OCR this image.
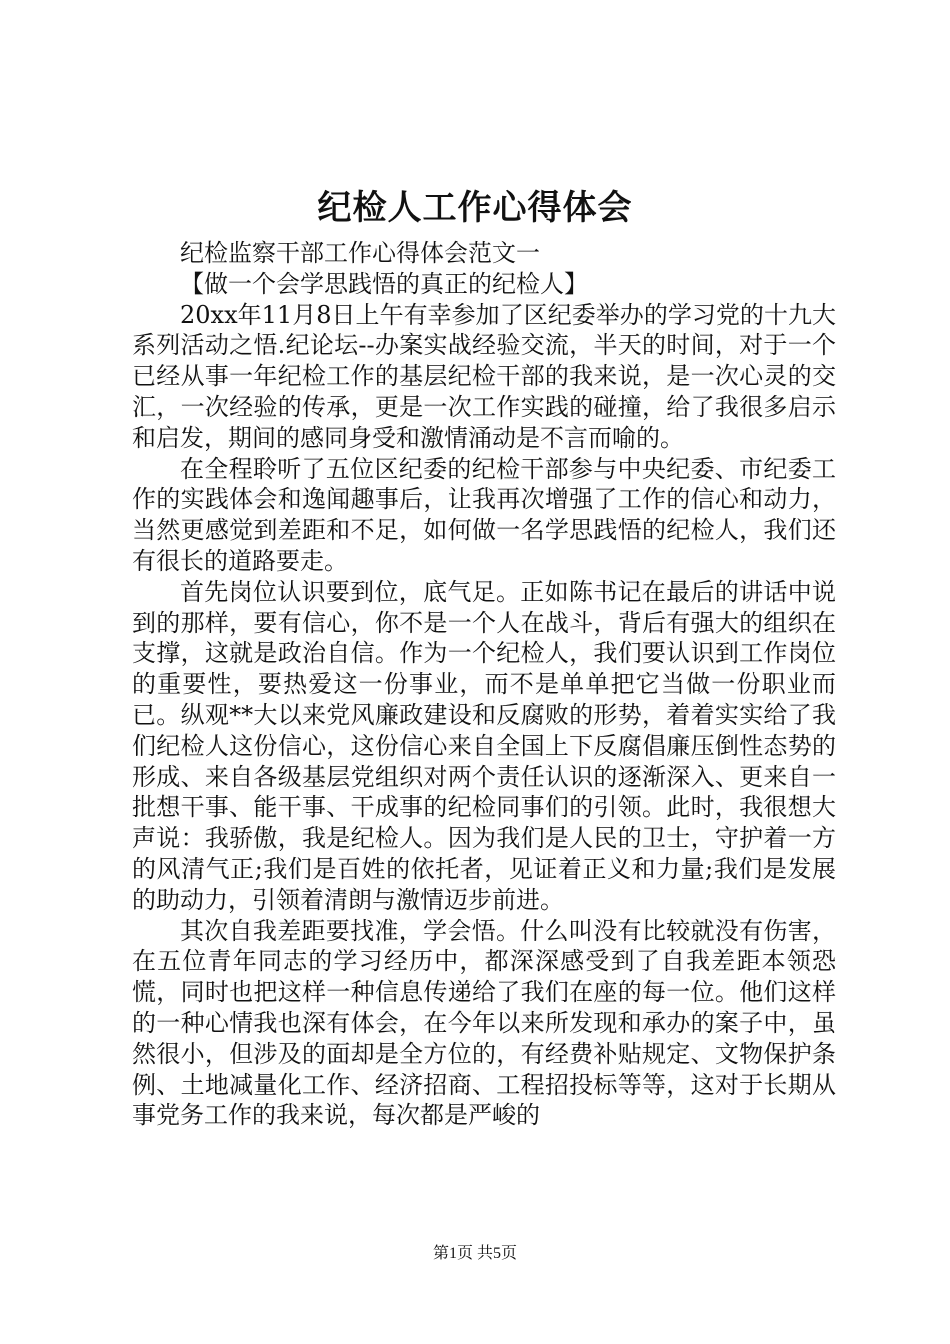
纪检人工作心得体会

纪检监察干部工作心得体会范文一

【做一个会学思践悟的真正的纪检人】

20xx年11月8日上午有幸参加了区纪委举办的学习党的十九大系列活动之悟.纪论坛--办案实战经验交流，半天的时间，对于一个已经从事一年纪检工作的基层纪检干部的我来说，是一次心灵的交汇，一次经验的传承，更是一次工作实践的碰撞，给了我很多启示和启发，期间的感同身受和激情涌动是不言而喻的。

在全程聆听了五位区纪委的纪检干部参与中央纪委、市纪委工作的实践体会和逸闻趣事后，让我再次增强了工作的信心和动力，当然更感觉到差距和不足，如何做一名学思践悟的纪检人，我们还有很长的道路要走。

首先岗位认识要到位，底气足。正如陈书记在最后的讲话中说到的那样，要有信心，你不是一个人在战斗，背后有强大的组织在支撑，这就是政治自信。作为一个纪检人，我们要认识到工作岗位的重要性，要热爱这一份事业，而不是单单把它当做一份职业而已。纵观**大以来党风廉政建设和反腐败的形势，着着实实给了我们纪检人这份信心，这份信心来自全国上下反腐倡廉压倒性态势的形成、来自各级基层党组织对两个责任认识的逐渐深入、更来自一批想干事、能干事、干成事的纪检同事们的引领。此时，我很想大声说：我骄傲，我是纪检人。因为我们是人民的卫士，守护着一方的风清气正;我们是百姓的依托者，见证着正义和力量;我们是发展的助动力，引领着清朗与激情迈步前进。

其次自我差距要找准，学会悟。什么叫没有比较就没有伤害，在五位青年同志的学习经历中，都深深感受到了自我差距本领恐慌，同时也把这样一种信息传递给了我们在座的每一位。他们这样的一种心情我也深有体会，在今年以来所发现和承办的案子中，虽然很小，但涉及的面却是全方位的，有经费补贴规定、文物保护条例、土地减量化工作、经济招商、工程招投标等等，这对于长期从事党务工作的我来说，每次都是严峻的

第1页 共5页
